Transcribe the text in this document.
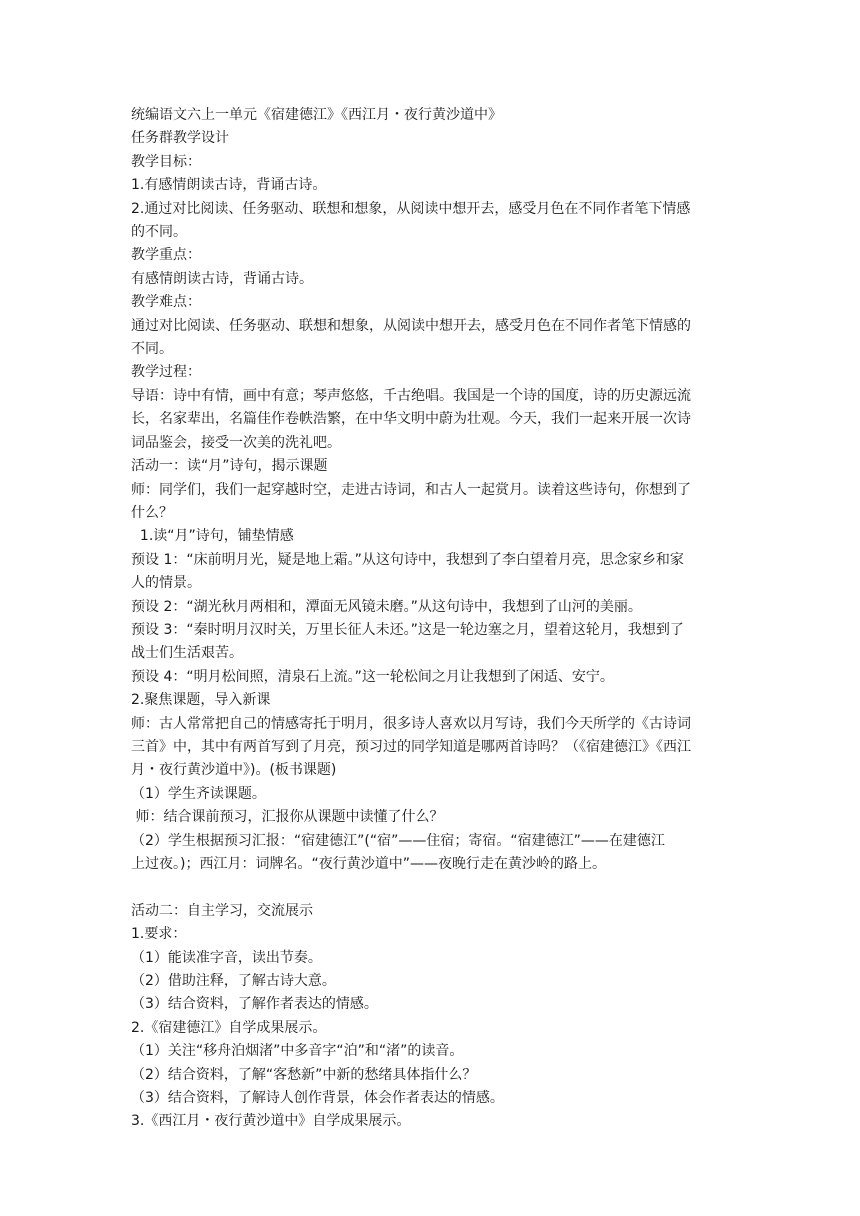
统编语文六上一单元《宿建德江》《西江月・夜行黄沙道中》
任务群教学设计
教学目标：
1.有感情朗读古诗，背诵古诗。
2.通过对比阅读、任务驱动、联想和想象，从阅读中想开去，感受月色在不同作者笔下情感
的不同。
教学重点：
有感情朗读古诗，背诵古诗。
教学难点：
通过对比阅读、任务驱动、联想和想象，从阅读中想开去，感受月色在不同作者笔下情感的
不同。
教学过程：
导语：诗中有情，画中有意；琴声悠悠，千古绝唱。我国是一个诗的国度，诗的历史源远流
长，名家辈出，名篇佳作卷帙浩繁，在中华文明中蔚为壮观。今天，我们一起来开展一次诗
词品鉴会，接受一次美的洗礼吧。
活动一：读“月”诗句，揭示课题
师：同学们，我们一起穿越时空，走进古诗词，和古人一起赏月。读着这些诗句，你想到了
什么？
1.读“月”诗句，铺垫情感
预设 1：“床前明月光，疑是地上霜。”从这句诗中，我想到了李白望着月亮，思念家乡和家
人的情景。
预设 2：“湖光秋月两相和，潭面无风镜未磨。”从这句诗中，我想到了山河的美丽。
预设 3：“秦时明月汉时关，万里长征人未还。”这是一轮边塞之月，望着这轮月，我想到了
战士们生活艰苦。
预设 4：“明月松间照，清泉石上流。”这一轮松间之月让我想到了闲适、安宁。
2.聚焦课题，导入新课
师：古人常常把自己的情感寄托于明月，很多诗人喜欢以月写诗，我们今天所学的《古诗词
三首》中，其中有两首写到了月亮，预习过的同学知道是哪两首诗吗？（《宿建德江》《西江
月・夜行黄沙道中》)。(板书课题)
（1）学生齐读课题。
师：结合课前预习，汇报你从课题中读懂了什么？
（2）学生根据预习汇报：“宿建德江”(“宿”——住宿；寄宿。“宿建德江”——在建德江
上过夜。)；西江月：词牌名。“夜行黄沙道中”——夜晚行走在黄沙岭的路上。
活动二：自主学习，交流展示
1.要求：
（1）能读准字音，读出节奏。
（2）借助注释，了解古诗大意。
（3）结合资料，了解作者表达的情感。
2.《宿建德江》自学成果展示。
（1）关注“移舟泊烟渚”中多音字“泊”和“渚”的读音。
（2）结合资料，了解“客愁新”中新的愁绪具体指什么？
（3）结合资料，了解诗人创作背景，体会作者表达的情感。
3.《西江月・夜行黄沙道中》自学成果展示。
